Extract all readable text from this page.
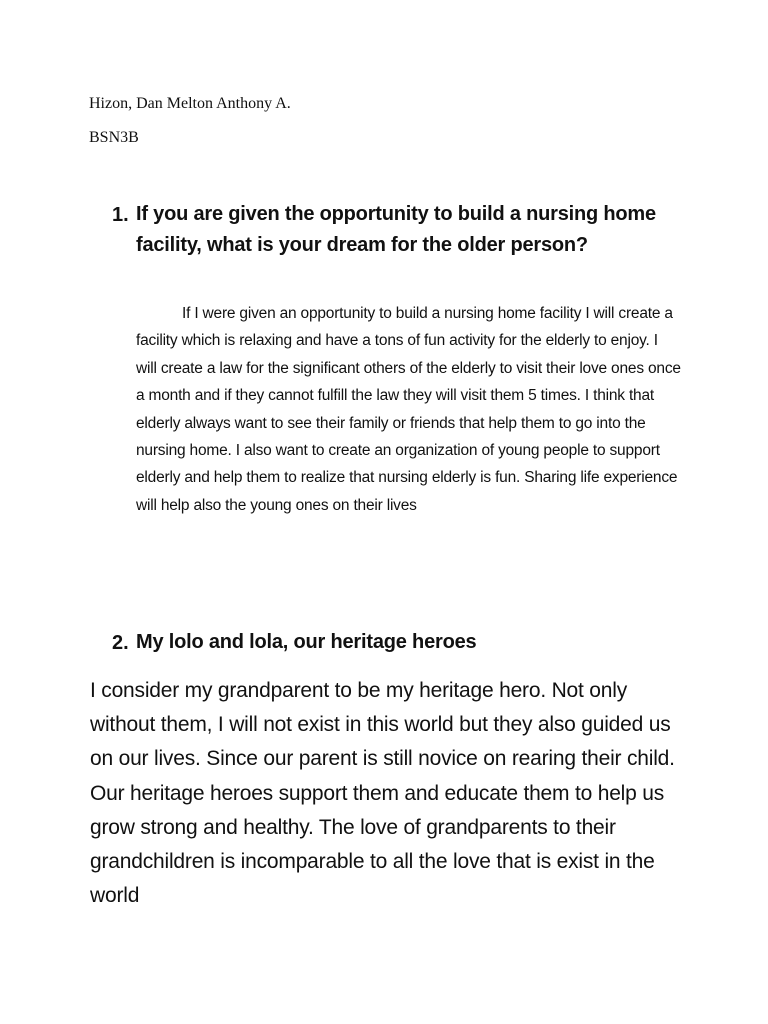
Hizon, Dan Melton Anthony A.
BSN3B
1. If you are given the opportunity to build a nursing home facility, what is your dream for the older person?

If I were given an opportunity to build a nursing home facility I will create a facility which is relaxing and have a tons of fun activity for the elderly to enjoy. I will create a law for the significant others of the elderly to visit their love ones once a month and if they cannot fulfill the law they will visit them 5 times. I think that elderly always want to see their family or friends that help them to go into the nursing home. I also want to create an organization of young people to support elderly and help them to realize that nursing elderly is fun. Sharing life experience will help also the young ones on their lives

2. My lolo and lola, our heritage heroes

I consider my grandparent to be my heritage hero. Not only without them, I will not exist in this world but they also guided us on our lives. Since our parent is still novice on rearing their child. Our heritage heroes support them and educate them to help us grow strong and healthy. The love of grandparents to their grandchildren is incomparable to all the love that is exist in the world
